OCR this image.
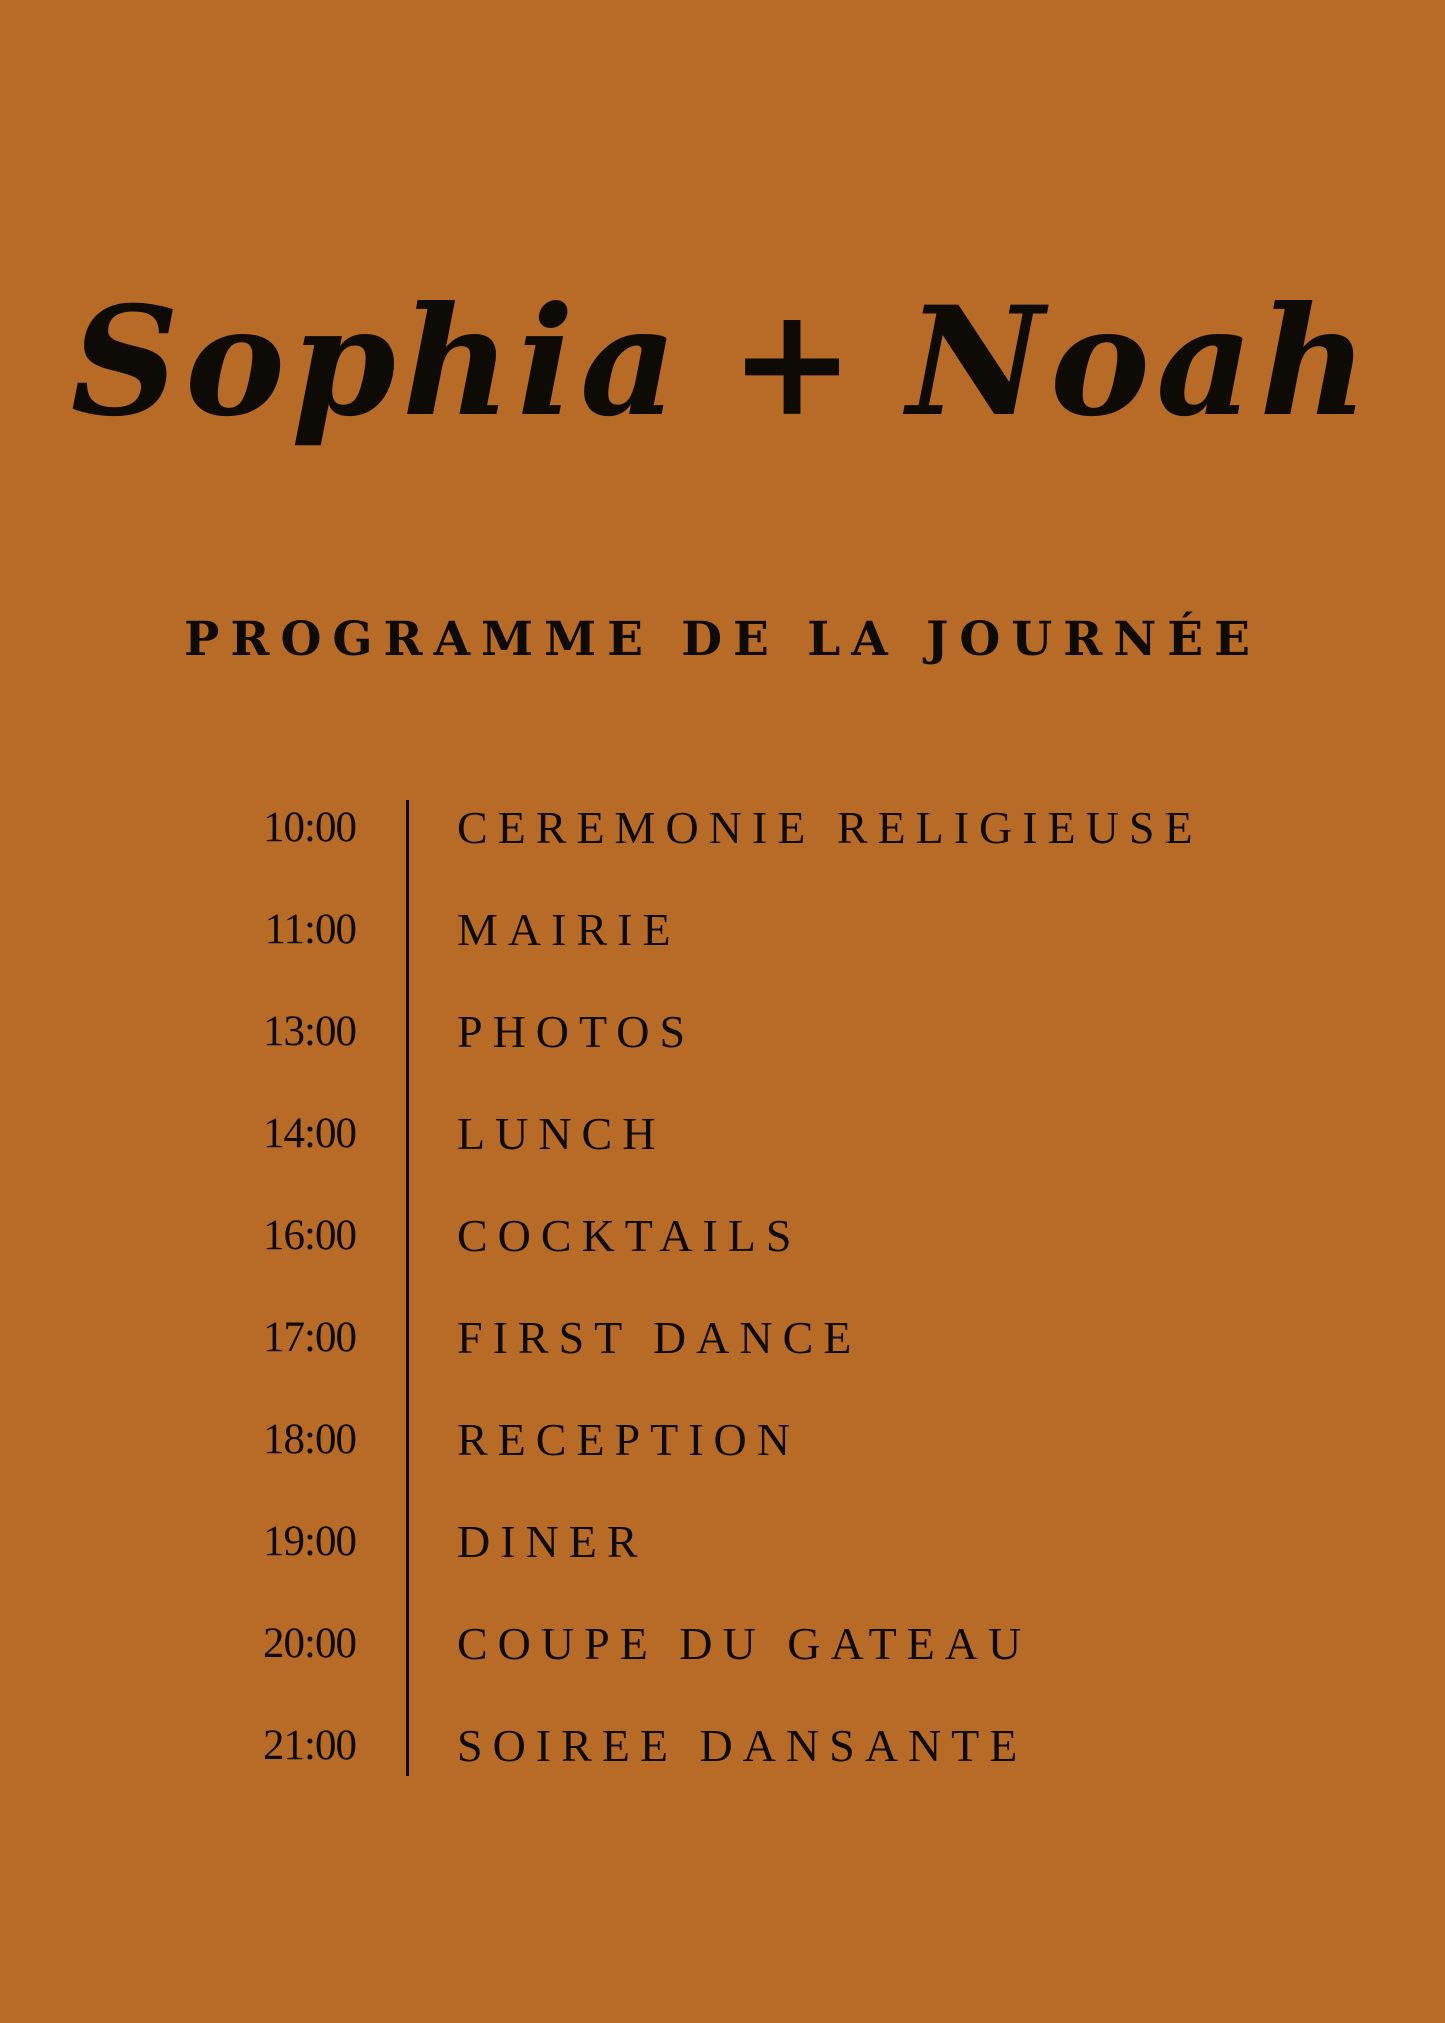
Sophia + Noah
PROGRAMME DE LA JOURNÉE
10:00 CEREMONIE RELIGIEUSE
11:00 MAIRIE
13:00 PHOTOS
14:00 LUNCH
16:00 COCKTAILS
17:00 FIRST DANCE
18:00 RECEPTION
19:00 DINER
20:00 COUPE DU GATEAU
21:00 SOIREE DANSANTE
